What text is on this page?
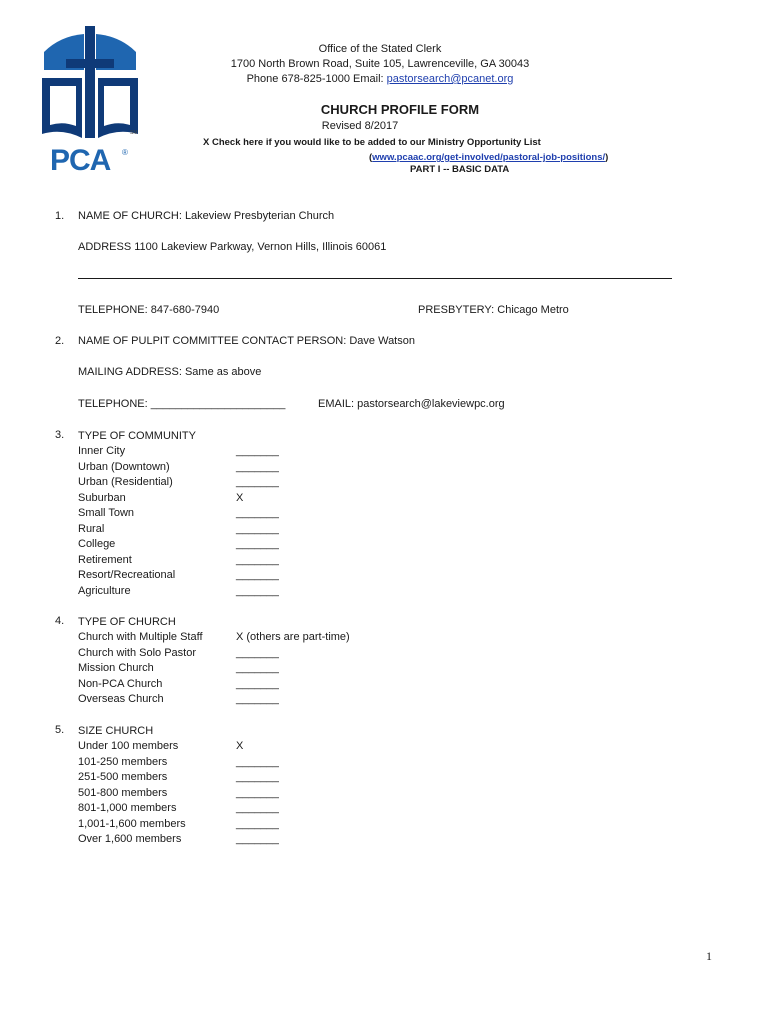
SM
PCA ®
Office of the Stated Clerk
1700 North Brown Road, Suite 105, Lawrenceville, GA 30043
Phone 678-825-1000 Email: pastorsearch@pcanet.org
CHURCH PROFILE FORM
Revised 8/2017
X Check here if you would like to be added to our Ministry Opportunity List
(www.pcaac.org/get-involved/pastoral-job-positions/)
PART I -- BASIC DATA
1. NAME OF CHURCH: Lakeview Presbyterian Church
ADDRESS 1100 Lakeview Parkway, Vernon Hills, Illinois 60061
TELEPHONE: 847-680-7940	PRESBYTERY: Chicago Metro
2. NAME OF PULPIT COMMITTEE CONTACT PERSON: Dave Watson
MAILING ADDRESS: Same as above
TELEPHONE: ______________________	EMAIL: pastorsearch@lakeviewpc.org
3. TYPE OF COMMUNITY
Inner City
Urban (Downtown)
Urban (Residential)
Suburban
Small Town
Rural
College
Retirement
Resort/Recreational
Agriculture
_______
_______
_______
X
_______
_______
_______
_______
_______
_______
4. TYPE OF CHURCH
Church with Multiple Staff
Church with Solo Pastor
Mission Church
Non-PCA Church
Overseas Church
X (others are part-time)
_______
_______
_______
_______
5. SIZE CHURCH
Under 100 members
101-250 members
251-500 members
501-800 members
801-1,000 members
1,001-1,600 members
Over 1,600 members
X
_______
_______
_______
_______
_______
_______
1
